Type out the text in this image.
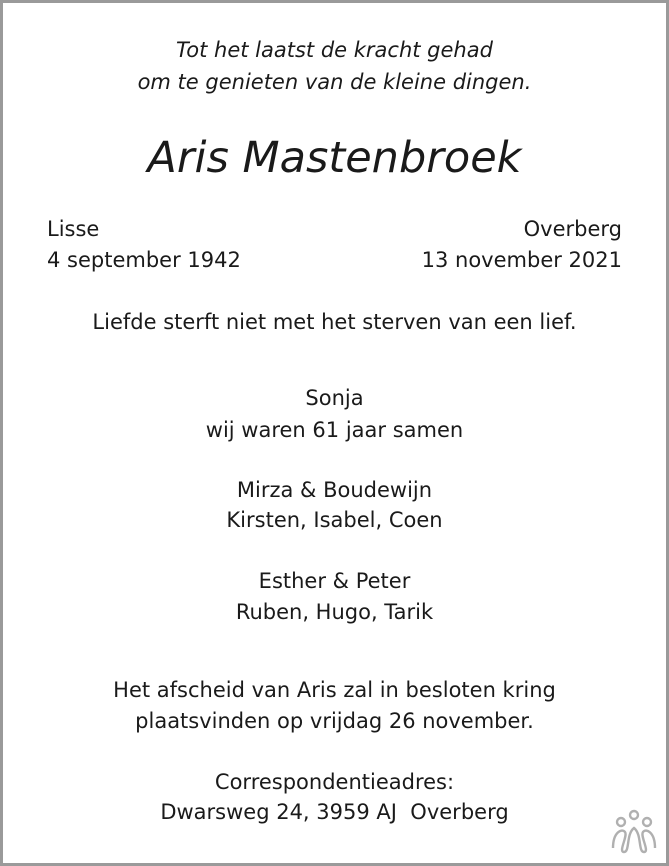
Tot het laatst de kracht gehad
om te genieten van de kleine dingen.
Aris Mastenbroek
Lisse
4 september 1942
Overberg
13 november 2021
Liefde sterft niet met het sterven van een lief.
Sonja
wij waren 61 jaar samen
Mirza & Boudewijn
Kirsten, Isabel, Coen
Esther & Peter
Ruben, Hugo, Tarik
Het afscheid van Aris zal in besloten kring
plaatsvinden op vrijdag 26 november.
Correspondentieadres:
Dwarsweg 24, 3959 AJ  Overberg
